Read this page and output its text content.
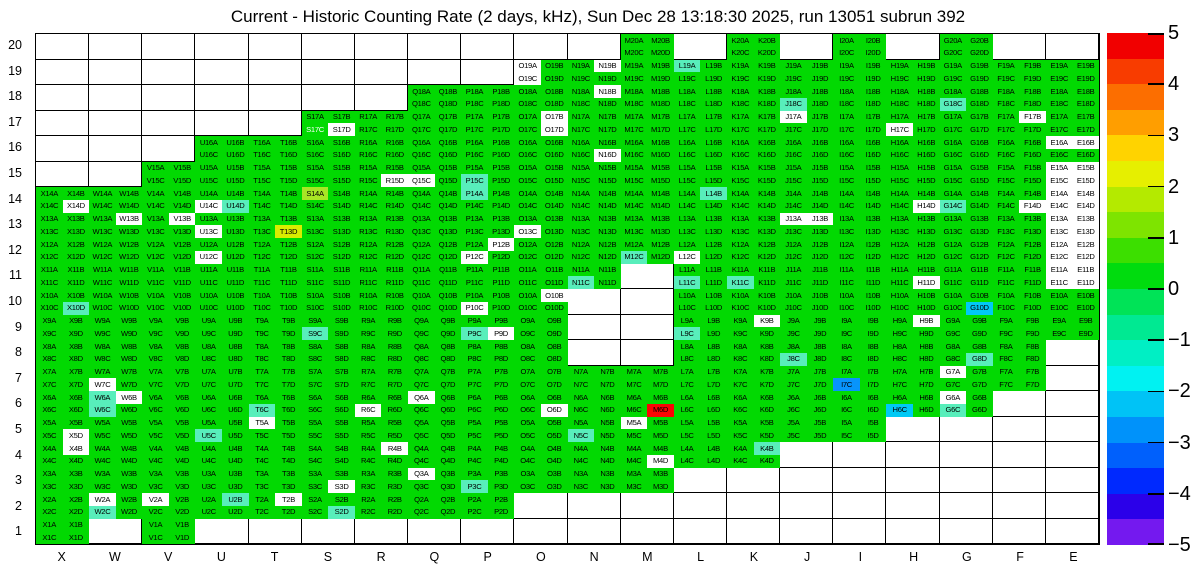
Current - Historic Counting Rate (2 days, kHz), Sun Dec 28 13:18:30 2025, run 13051 subrun 392
20
19
18
17
16
15
14
13
12
11
10
9
8
7
6
5
4
3
2
1
M20A	M20B
M20C M20D
K20A	K20B
K20C	K20D
I20A	I20B
I20C	I20D
G20A	G20B
G20C	G20D
O19A	O19B
O19C	O19D
N19A	N19B
N19C	N19D
M19A	M19B
M19C M19D
L19A	L19B
L19C	L19D
K19A	K19B
K19C	K19D
J19A	J19B
J19C	J19D
I19A	I19B
I19C	I19D
H19A	H19B
H19C	H19D
G19A	G19B
G19C	G19D
F19A	F19B
F19C	F19D
E19A	E19B
E19C	E19D
Q18A	Q18B
Q18C	Q18D
P18A	P18B
P18C	P18D
O18A	O18B
O18C	O18D
N18A	N18B
N18C	N18D
M18A	M18B
M18C M18D
L18A	L18B
L18C	L18D
K18A	K18B
K18C	K18D
J18A	J18B
J18C	J18D
I18A	I18B
I18C	I18D
H18A	H18B
H18C	H18D
G18A	G18B
G18C	G18D
F18A	F18B
F18C	F18D
E18A	E18B
E18C	E18D
S17A	S17B
S17C	S17D
R17A	R17B
R17C	R17D
Q17A	Q17B
Q17C	Q17D
P17A	P17B
P17C	P17D
O17A	O17B
O17C	O17D
N17A	N17B
N17C	N17D
M17A	M17B
M17C M17D
L17A	L17B
L17C	L17D
K17A	K17B
K17C	K17D
J17A	J17B
J17C	J17D
I17A	I17B
I17C	I17D
H17A	H17B
H17C	H17D
G17A	G17B
G17C	G17D
F17A	F17B
F17C	F17D
E17A	E17B
E17C	E17D
U16A	U16B
U16C	U16D
T16A	T16B
T16C	T16D
S16A	S16B
S16C	S16D
R16A	R16B
R16C	R16D
Q16A	Q16B
Q16C	Q16D
P16A	P16B
P16C	P16D
O16A	O16B
O16C	O16D
N16A	N16B
N16C	N16D
M16A	M16B
M16C M16D
L16A	L16B
L16C	L16D
K16A	K16B
K16C	K16D
J16A	J16B
J16C	J16D
I16A	I16B
I16C	I16D
H16A	H16B
H16C	H16D
G16A	G16B
G16C	G16D
F16A	F16B
F16C	F16D
E16A	E16B
E16C	E16D
V15A	V15B
V15C	V15D
U15A	U15B
U15C	U15D
T15A	T15B
T15C	T15D
S15A	S15B
S15C	S15D
R15A	R15B
R15C	R15D
Q15A	Q15B
Q15C	Q15D
P15A	P15B
P15C	P15D
O15A	O15B
O15C	O15D
N15A	N15B
N15C	N15D
M15A	M15B
M15C M15D
L15A	L15B
L15C	L15D
K15A	K15B
K15C	K15D
J15A	J15B
J15C	J15D
I15A	I15B
I15C	I15D
H15A	H15B
H15C	H15D
G15A	G15B
G15C	G15D
F15A	F15B
F15C	F15D
E15A	E15B
E15C	E15D
X14A	X14B
X14C	X14D
W14A W14B
W14C W14D
V14A	V14B
V14C	V14D
U14A	U14B
U14C	U14D
T14A	T14B
T14C	T14D
S14A	S14B
S14C	S14D
R14A	R14B
R14C	R14D
Q14A	Q14B
Q14C	Q14D
P14A	P14B
P14C	P14D
O14A	O14B
O14C	O14D
N14A	N14B
N14C	N14D
M14A	M14B
M14C M14D
L14A	L14B
L14C	L14D
K14A	K14B
K14C	K14D
J14A	J14B
J14C	J14D
I14A	I14B
I14C	I14D
H14A	H14B
H14C	H14D
G14A	G14B
G14C	G14D
F14A	F14B
F14C	F14D
E14A	E14B
E14C	E14D
X13A	X13B
X13C	X13D
W13A W13B
W13C W13D
V13A	V13B
V13C	V13D
U13A	U13B
U13C	U13D
T13A	T13B
T13C	T13D
S13A	S13B
S13C	S13D
R13A	R13B
R13C	R13D
Q13A	Q13B
Q13C	Q13D
P13A	P13B
P13C	P13D
O13A	O13B
O13C	O13D
N13A	N13B
N13C	N13D
M13A	M13B
M13C M13D
L13A	L13B
L13C	L13D
K13A	K13B
K13C	K13D
J13A	J13B
J13C	J13D
I13A	I13B
I13C	I13D
H13A	H13B
H13C	H13D
G13A	G13B
G13C	G13D
F13A	F13B
F13C	F13D
E13A	E13B
E13C	E13D
X12A	X12B
X12C	X12D
W12A W12B
W12C W12D
V12A	V12B
V12C	V12D
U12A	U12B
U12C	U12D
T12A	T12B
T12C	T12D
S12A	S12B
S12C	S12D
R12A	R12B
R12C	R12D
Q12A	Q12B
Q12C	Q12D
P12A	P12B
P12C	P12D
O12A	O12B
O12C	O12D
N12A	N12B
N12C	N12D
M12A	M12B
M12C M12D
L12A	L12B
L12C	L12D
K12A	K12B
K12C	K12D
J12A	J12B
J12C	J12D
I12A	I12B
I12C	I12D
H12A	H12B
H12C	H12D
G12A	G12B
G12C	G12D
F12A	F12B
F12C	F12D
E12A	E12B
E12C	E12D
X11A	X11B
X11C	X11D
W11A	W11B
W11C W11D
V11A	V11B
V11C	V11D
U11A	U11B
U11C	U11D
T11A	T11B
T11C	T11D
S11A	S11B
S11C	S11D
R11A	R11B
R11C	R11D
Q11A	Q11B
Q11C	Q11D
P11A	P11B
P11C	P11D
O11A	O11B
O11C	O11D
N11A	N11B
N11C	N11D
L11A	L11B
L11C	L11D
K11A	K11B
K11C	K11D
J11A	J11B
J11C	J11D
I11A	I11B
I11C	I11D
H11A	H11B
H11C	H11D
G11A	G11B
G11C	G11D
F11A	F11B
F11C	F11D
E11A	E11B
E11C	E11D
X10A	X10B
X10C	X10D
W10A W10B
W10C W10D
V10A	V10B
V10C	V10D
U10A	U10B
U10C	U10D
T10A	T10B
T10C	T10D
S10A	S10B
S10C	S10D
R10A	R10B
R10C	R10D
Q10A	Q10B
Q10C	Q10D
P10A	P10B
P10C	P10D
O10A	O10B
O10C	O10D
L10A	L10B
L10C	L10D
K10A	K10B
K10C	K10D
J10A	J10B
J10C	J10D
I10A	I10B
I10C	I10D
H10A	H10B
H10C	H10D
G10A	G10B
G10C	G10D
F10A	F10B
F10C	F10D
E10A	E10B
E10C	E10D
X9A	X9B
X9C	X9D
W9A	W9B
W9C	W9D
V9A	V9B
V9C	V9D
U9A	U9B
U9C	U9D
T9A	T9B
T9C	T9D
S9A	S9B
S9C	S9D
R9A	R9B
R9C	R9D
Q9A	Q9B
Q9C	Q9D
P9A	P9B
P9C	P9D
O9A	O9B
O9C	O9D
L9A	L9B
L9C	L9D
K9A	K9B
K9C	K9D
J9A	J9B
J9C	J9D
I9A	I9B
I9C	I9D
H9A	H9B
H9C	H9D
G9A	G9B
G9C	G9D
F9A	F9B
F9C	F9D
E9A	E9B
E9C	E9D
X8A	X8B
X8C	X8D
W8A	W8B
W8C	W8D
V8A	V8B
V8C	V8D
U8A	U8B
U8C	U8D
T8A	T8B
T8C	T8D
S8A	S8B
S8C	S8D
R8A	R8B
R8C	R8D
Q8A	Q8B
Q8C	Q8D
P8A	P8B
P8C	P8D
O8A	O8B
O8C	O8D
L8A	L8B
L8C	L8D
K8A	K8B
K8C	K8D
J8A	J8B
J8C	J8D
I8A	I8B
I8C	I8D
H8A	H8B
H8C	H8D
G8A	G8B
G8C	G8D
F8A	F8B
F8C	F8D
X7A	X7B
X7C	X7D
W7A	W7B
W7C	W7D
V7A	V7B
V7C	V7D
U7A	U7B
U7C	U7D
T7A	T7B
T7C	T7D
S7A	S7B
S7C	S7D
R7A	R7B
R7C	R7D
Q7A	Q7B
Q7C	Q7D
P7A	P7B
P7C	P7D
O7A	O7B
O7C	O7D
N7A	N7B
N7C	N7D
M7A	M7B
M7C	M7D
L7A	L7B
L7C	L7D
K7A	K7B
K7C	K7D
J7A	J7B
J7C	J7D
I7A	I7B
I7C	I7D
H7A	H7B
H7C	H7D
G7A	G7B
G7C	G7D
F7A	F7B
F7C	F7D
X6A	X6B
X6C	X6D
W6A	W6B
W6C	W6D
V6A	V6B
V6C	V6D
U6A	U6B
U6C	U6D
T6A	T6B
T6C	T6D
S6A	S6B
S6C	S6D
R6A	R6B
R6C	R6D
Q6A	Q6B
Q6C	Q6D
P6A	P6B
P6C	P6D
O6A	O6B
O6C	O6D
N6A	N6B
N6C	N6D
M6A	M6B
M6C	M6D
L6A	L6B
L6C	L6D
K6A	K6B
K6C	K6D
J6A	J6B
J6C	J6D
I6A	I6B
I6C	I6D
H6A	H6B
H6C	H6D
G6A	G6B
G6C	G6D
X5A	X5B
X5C	X5D
W5A	W5B
W5C	W5D
V5A	V5B
V5C	V5D
U5A	U5B
U5C	U5D
T5A	T5B
T5C	T5D
S5A	S5B
S5C	S5D
R5A	R5B
R5C	R5D
Q5A	Q5B
Q5C	Q5D
P5A	P5B
P5C	P5D
O5A	O5B
O5C	O5D
N5A	N5B
N5C	N5D
M5A	M5B
M5C	M5D
L5A	L5B
L5C	L5D
K5A	K5B
K5C	K5D
J5A	J5B
J5C	J5D
I5A	I5B
I5C	I5D
X4A	X4B
X4C	X4D
W4A	W4B
W4C	W4D
V4A	V4B
V4C	V4D
U4A	U4B
U4C	U4D
T4A	T4B
T4C	T4D
S4A	S4B
S4C	S4D
R4A	R4B
R4C	R4D
Q4A	Q4B
Q4C	Q4D
P4A	P4B
P4C	P4D
O4A	O4B
O4C	O4D
N4A	N4B
N4C	N4D
M4A	M4B
M4C	M4D
L4A	L4B
L4C	L4D
K4A	K4B
K4C	K4D
X3A	X3B
X3C	X3D
W3A	W3B
W3C	W3D
V3A	V3B
V3C	V3D
U3A	U3B
U3C	U3D
T3A	T3B
T3C	T3D
S3A	S3B
S3C	S3D
R3A	R3B
R3C	R3D
Q3A	Q3B
Q3C	Q3D
P3A	P3B
P3C	P3D
O3A	O3B
O3C	O3D
N3A	N3B
N3C	N3D
M3A	M3B
M3C	M3D
X2A	X2B
X2C	X2D
W2A	W2B
W2C	W2D
V2A	V2B
V2C	V2D
U2A	U2B
U2C	U2D
T2A	T2B
T2C	T2D
S2A	S2B
S2C	S2D
R2A	R2B
R2C	R2D
Q2A	Q2B
Q2C	Q2D
P2A	P2B
P2C	P2D
X1A	X1B
X1C	X1D
V1A	V1B
V1C	V1D
X	W	V	U	T	S	R	Q	P	O	N	M	L	K	J	I	H	G	F	E
5
4
3
2
1
0
−1
−2
−3
−4
−5
